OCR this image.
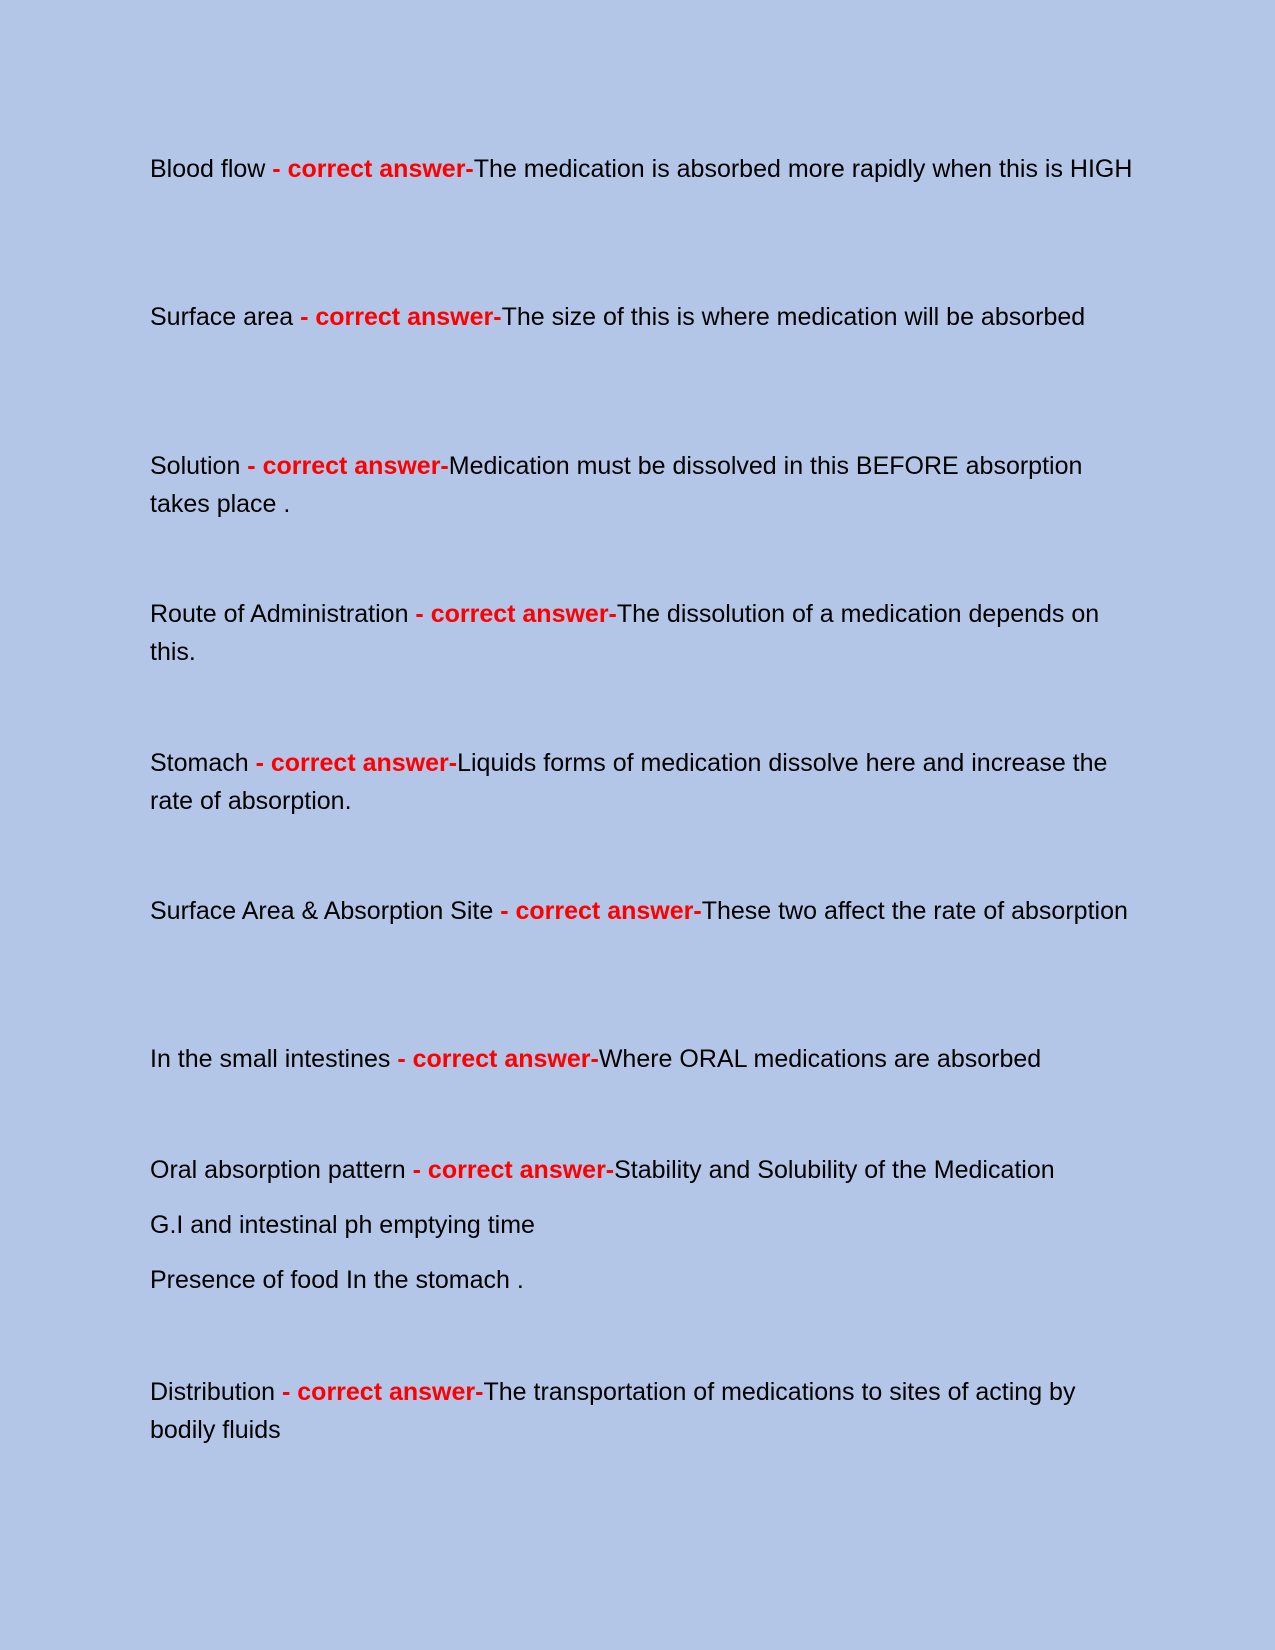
Blood flow - correct answer-The medication is absorbed more rapidly when this is HIGH

Surface area - correct answer-The size of this is where medication will be absorbed

Solution - correct answer-Medication must be dissolved in this BEFORE absorption takes place .

Route of Administration - correct answer-The dissolution of a medication depends on this.

Stomach - correct answer-Liquids forms of medication dissolve here and increase the rate of absorption.

Surface Area & Absorption Site - correct answer-These two affect the rate of absorption

In the small intestines - correct answer-Where ORAL medications are absorbed

Oral absorption pattern - correct answer-Stability and Solubility of the Medication
G.I and intestinal ph emptying time
Presence of food In the stomach .

Distribution - correct answer-The transportation of medications to sites of acting by bodily fluids
